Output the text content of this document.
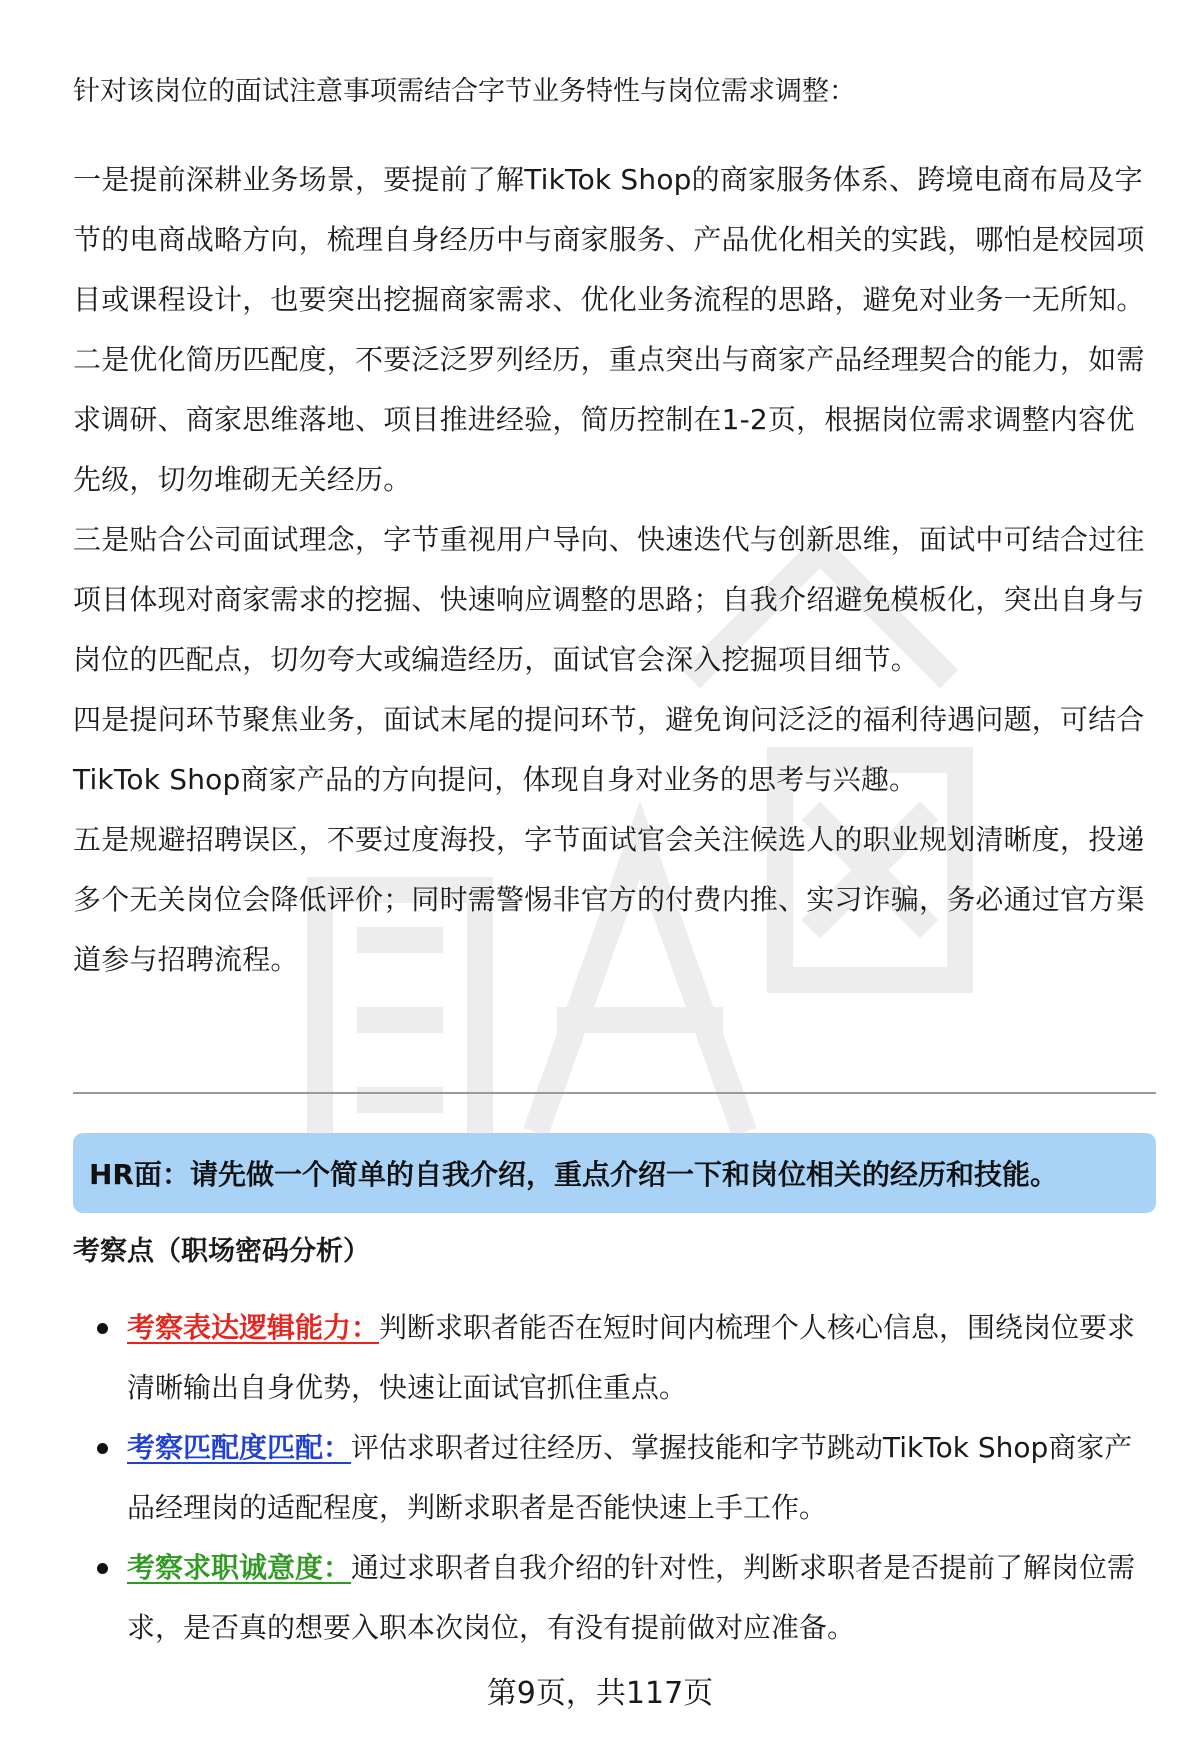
针对该岗位的面试注意事项需结合字节业务特性与岗位需求调整：

一是提前深耕业务场景，要提前了解TikTok Shop的商家服务体系、跨境电商布局及字节的电商战略方向，梳理自身经历中与商家服务、产品优化相关的实践，哪怕是校园项目或课程设计，也要突出挖掘商家需求、优化业务流程的思路，避免对业务一无所知。

二是优化简历匹配度，不要泛泛罗列经历，重点突出与商家产品经理契合的能力，如需求调研、商家思维落地、项目推进经验，简历控制在1-2页，根据岗位需求调整内容优先级，切勿堆砌无关经历。

三是贴合公司面试理念，字节重视用户导向、快速迭代与创新思维，面试中可结合过往项目体现对商家需求的挖掘、快速响应调整的思路；自我介绍避免模板化，突出自身与岗位的匹配点，切勿夸大或编造经历，面试官会深入挖掘项目细节。

四是提问环节聚焦业务，面试末尾的提问环节，避免询问泛泛的福利待遇问题，可结合TikTok Shop商家产品的方向提问，体现自身对业务的思考与兴趣。

五是规避招聘误区，不要过度海投，字节面试官会关注候选人的职业规划清晰度，投递多个无关岗位会降低评价；同时需警惕非官方的付费内推、实习诈骗，务必通过官方渠道参与招聘流程。

HR面：请先做一个简单的自我介绍，重点介绍一下和岗位相关的经历和技能。

考察点（职场密码分析）

考察表达逻辑能力：判断求职者能否在短时间内梳理个人核心信息，围绕岗位要求清晰输出自身优势，快速让面试官抓住重点。
考察匹配度匹配：评估求职者过往经历、掌握技能和字节跳动TikTok Shop商家产品经理岗的适配程度，判断求职者是否能快速上手工作。
考察求职诚意度：通过求职者自我介绍的针对性，判断求职者是否提前了解岗位需求，是否真的想要入职本次岗位，有没有提前做对应准备。
第9页，共117页
